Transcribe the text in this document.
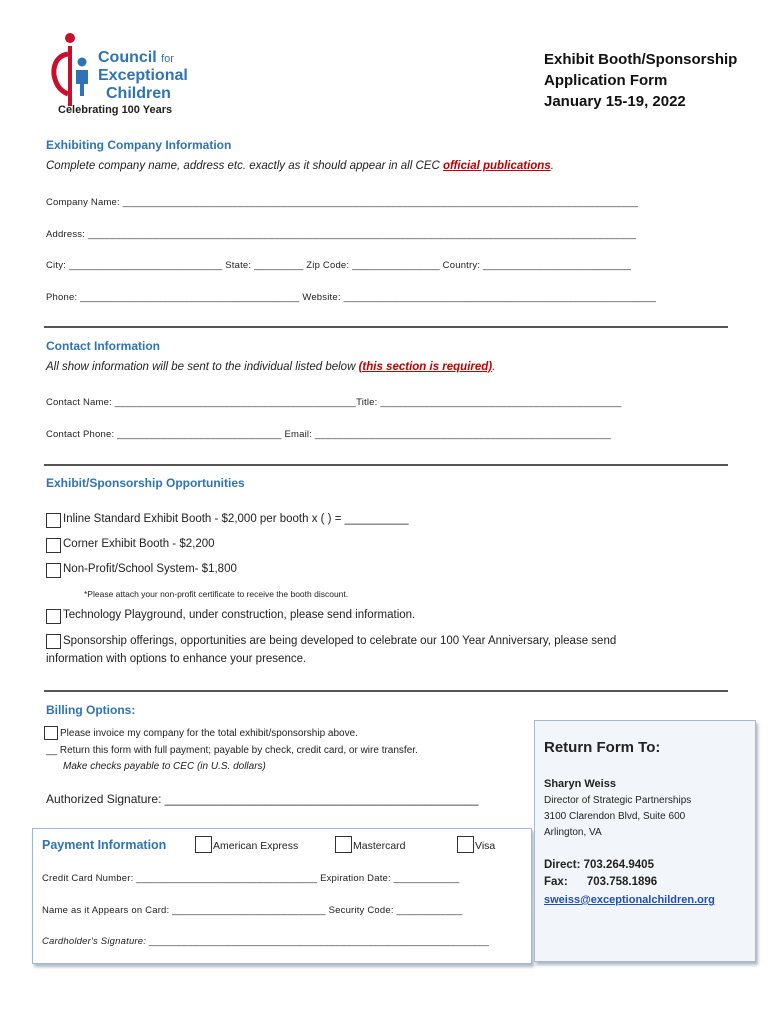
Council for
Exceptional
Children
Celebrating 100 Years
Exhibit Booth/Sponsorship
Application Form
January 15-19, 2022
Exhibiting Company Information
Complete company name, address etc. exactly as it should appear in all CEC official publications.
Company Name: ______________________________________________________________________________________________
Address: ____________________________________________________________________________________________________
City: ____________________________ State: _________ Zip Code: ________________ Country: ___________________________
Phone: ________________________________________ Website: _________________________________________________________
Contact Information
All show information will be sent to the individual listed below (this section is required).
Contact Name: ____________________________________________Title: ____________________________________________
Contact Phone: ______________________________ Email: ______________________________________________________
Exhibit/Sponsorship Opportunities
Inline Standard Exhibit Booth - $2,000 per booth x ( ) = __________
Corner Exhibit Booth - $2,200
Non-Profit/School System- $1,800
*Please attach your non-profit certificate to receive the booth discount.
Technology Playground, under construction, please send information.
Sponsorship offerings, opportunities are being developed to celebrate our 100 Year Anniversary, please send
information with options to enhance your presence.
Billing Options:
Please invoice my company for the total exhibit/sponsorship above.
__ Return this form with full payment; payable by check, credit card, or wire transfer.
Make checks payable to CEC (in U.S. dollars)
Authorized Signature: _______________________________________________
Payment Information	American Express	Mastercard	Visa
Credit Card Number: _________________________________ Expiration Date: ____________
Name as it Appears on Card: ____________________________ Security Code: ____________
Cardholder's Signature: ______________________________________________________________
Return Form To:
Sharyn Weiss
Director of Strategic Partnerships
3100 Clarendon Blvd, Suite 600
Arlington, VA
Direct: 703.264.9405
Fax:      703.758.1896
sweiss@exceptionalchildren.org
